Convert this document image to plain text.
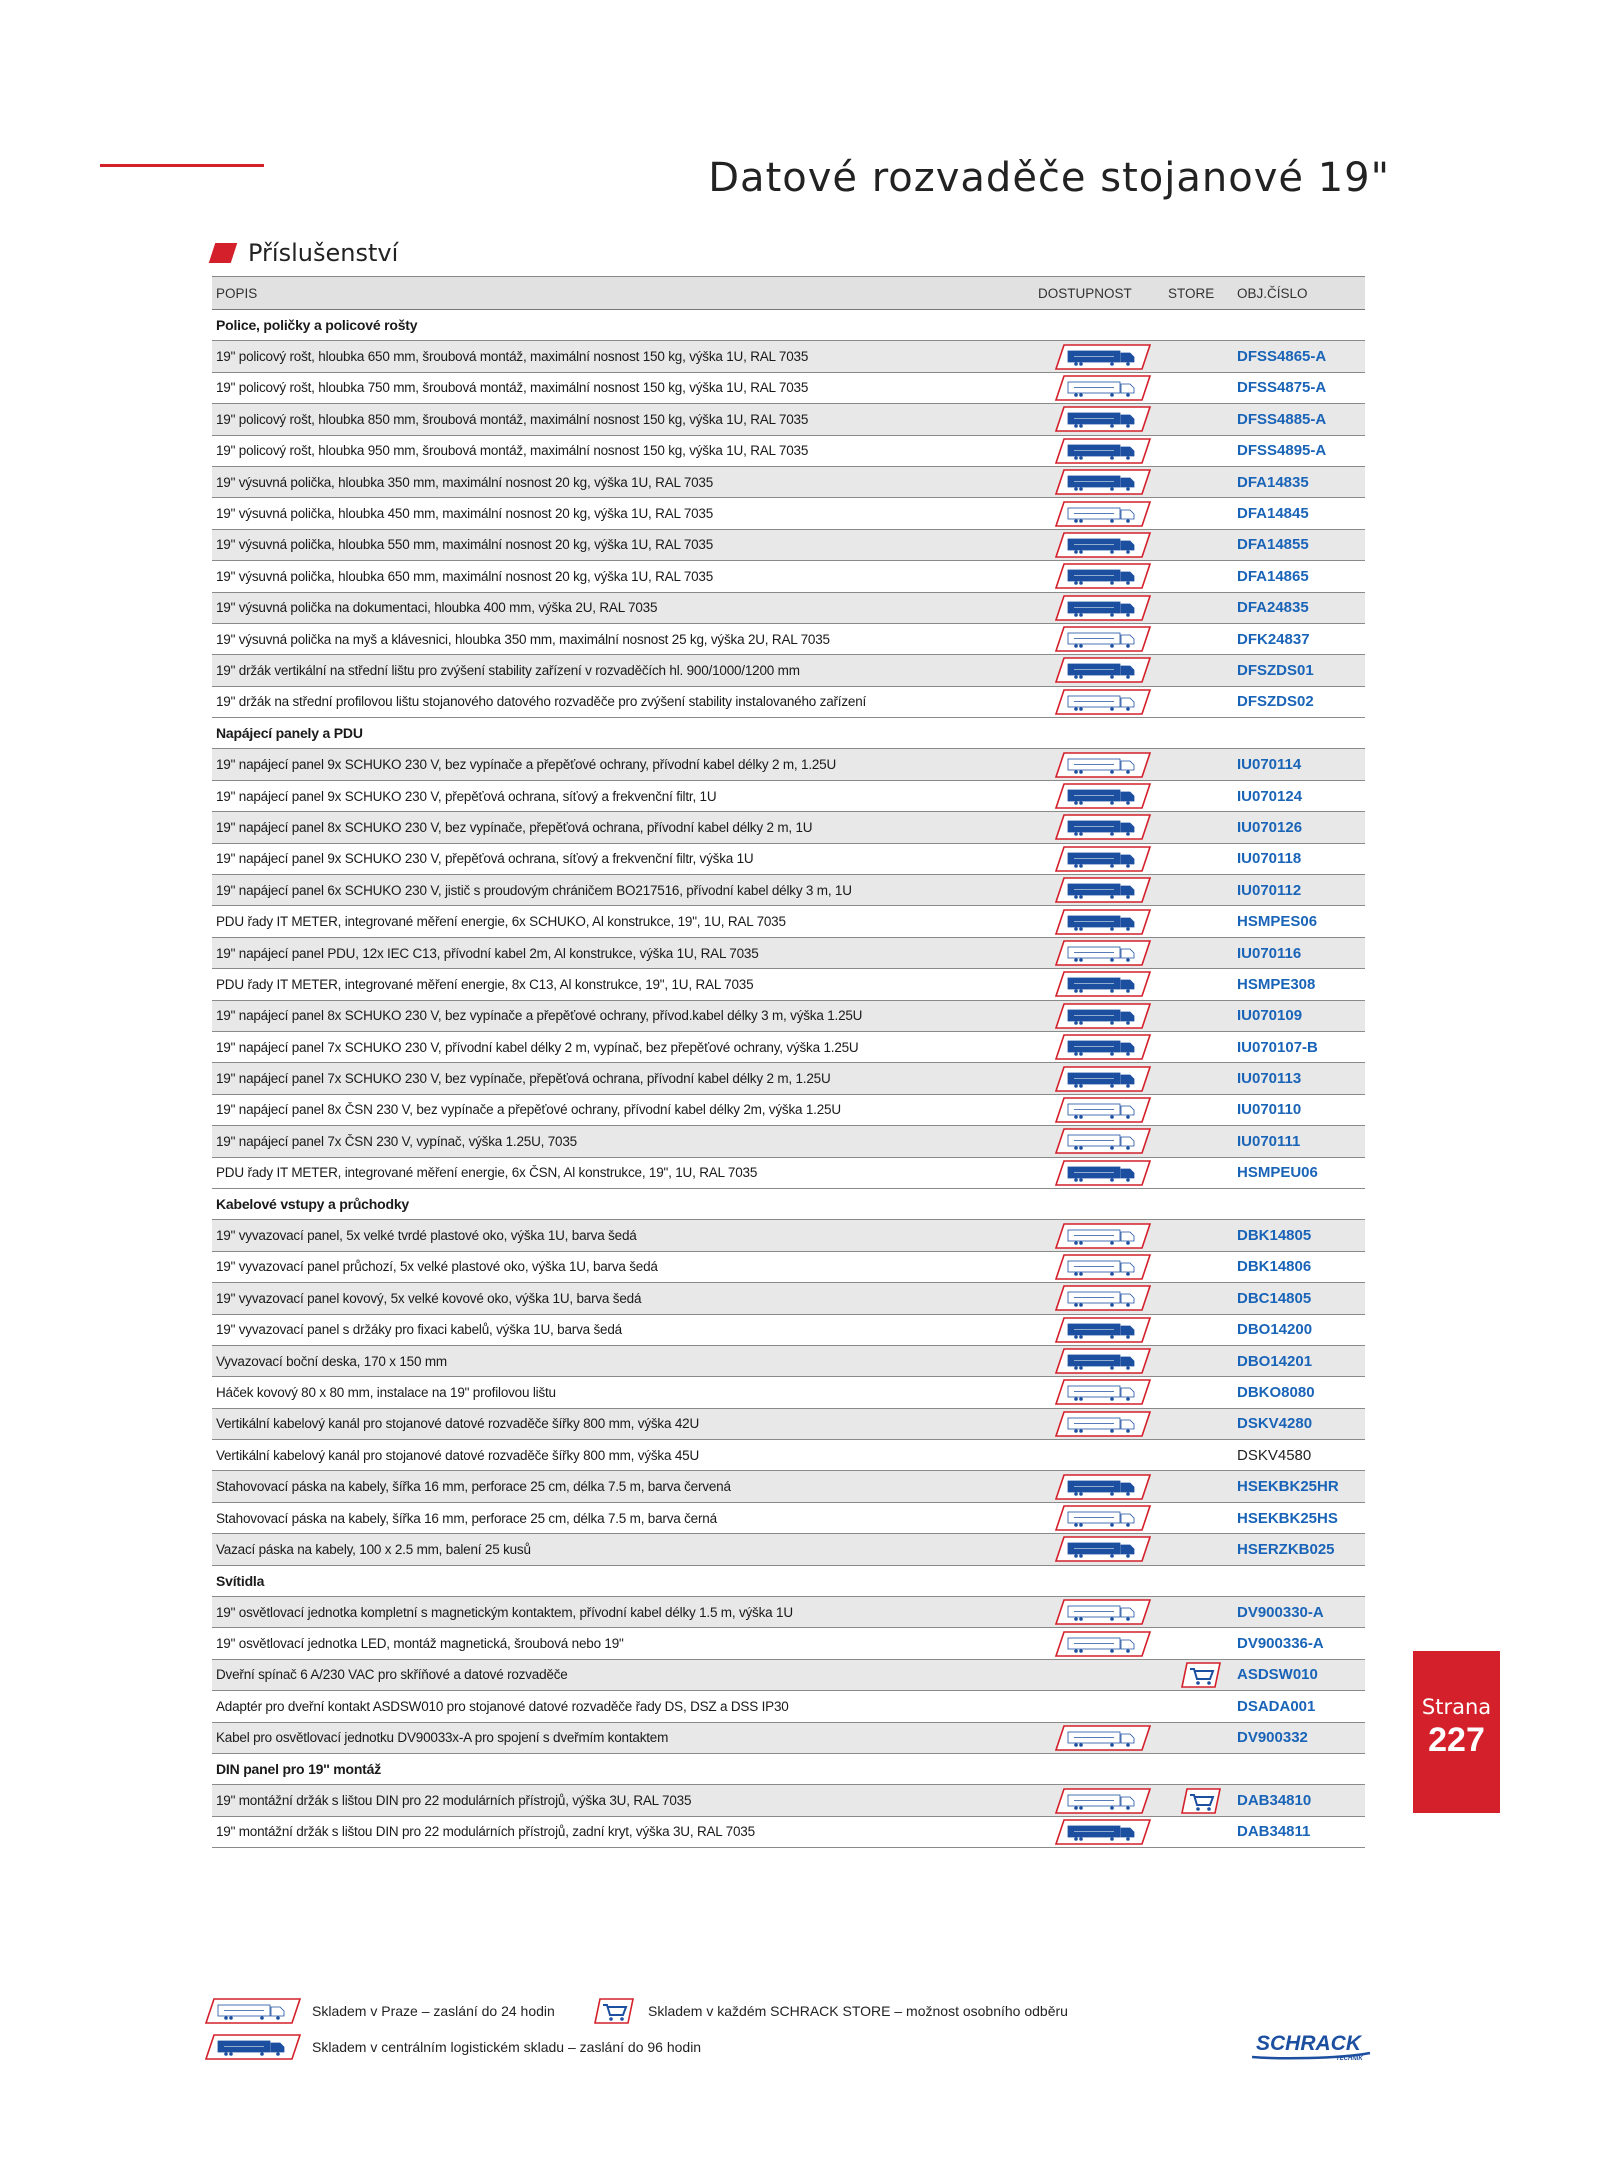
Datové rozvaděče stojanové 19"
Příslušenství
POPIS	DOSTUPNOST	STORE	OBJ.ČÍSLO
Police, poličky a policové rošty
19" policový rošt, hloubka 650 mm, šroubová montáž, maximální nosnost 150 kg, výška 1U, RAL 7035	DFSS4865-A
19" policový rošt, hloubka 750 mm, šroubová montáž, maximální nosnost 150 kg, výška 1U, RAL 7035	DFSS4875-A
19" policový rošt, hloubka 850 mm, šroubová montáž, maximální nosnost 150 kg, výška 1U, RAL 7035	DFSS4885-A
19" policový rošt, hloubka 950 mm, šroubová montáž, maximální nosnost 150 kg, výška 1U, RAL 7035	DFSS4895-A
19" výsuvná polička, hloubka 350 mm, maximální nosnost 20 kg, výška 1U, RAL 7035	DFA14835
19" výsuvná polička, hloubka 450 mm, maximální nosnost 20 kg, výška 1U, RAL 7035	DFA14845
19" výsuvná polička, hloubka 550 mm, maximální nosnost 20 kg, výška 1U, RAL 7035	DFA14855
19" výsuvná polička, hloubka 650 mm, maximální nosnost 20 kg, výška 1U, RAL 7035	DFA14865
19" výsuvná polička na dokumentaci, hloubka 400 mm, výška 2U, RAL 7035	DFA24835
19" výsuvná polička na myš a klávesnici, hloubka 350 mm, maximální nosnost 25 kg, výška 2U, RAL 7035	DFK24837
19" držák vertikální na střední lištu pro zvýšení stability zařízení v rozvaděčích hl. 900/1000/1200 mm	DFSZDS01
19" držák na střední profilovou lištu stojanového datového rozvaděče pro zvýšení stability instalovaného zařízení	DFSZDS02
Napájecí panely a PDU
19" napájecí panel 9x SCHUKO 230 V, bez vypínače a přepěťové ochrany, přívodní kabel délky 2 m, 1.25U	IU070114
19" napájecí panel 9x SCHUKO 230 V, přepěťová ochrana, síťový a frekvenční filtr, 1U	IU070124
19" napájecí panel 8x SCHUKO 230 V, bez vypínače, přepěťová ochrana, přívodní kabel délky 2 m, 1U	IU070126
19" napájecí panel 9x SCHUKO 230 V, přepěťová ochrana, síťový a frekvenční filtr, výška 1U	IU070118
19" napájecí panel 6x SCHUKO 230 V, jistič s proudovým chráničem BO217516, přívodní kabel délky 3 m, 1U	IU070112
PDU řady IT METER, integrované měření energie, 6x SCHUKO, Al konstrukce, 19", 1U, RAL 7035	HSMPES06
19" napájecí panel PDU, 12x IEC C13, přívodní kabel 2m, Al konstrukce, výška 1U, RAL 7035	IU070116
PDU řady IT METER, integrované měření energie, 8x C13, Al konstrukce, 19", 1U, RAL 7035	HSMPE308
19" napájecí panel 8x SCHUKO 230 V, bez vypínače a přepěťové ochrany, přívod.kabel délky 3 m, výška 1.25U	IU070109
19" napájecí panel 7x SCHUKO 230 V, přívodní kabel délky 2 m, vypínač, bez přepěťové ochrany, výška 1.25U	IU070107-B
19" napájecí panel 7x SCHUKO 230 V, bez vypínače, přepěťová ochrana, přívodní kabel délky 2 m, 1.25U	IU070113
19" napájecí panel 8x ČSN 230 V, bez vypínače a přepěťové ochrany, přívodní kabel délky 2m, výška 1.25U	IU070110
19" napájecí panel 7x ČSN 230 V, vypínač, výška 1.25U, 7035	IU070111
PDU řady IT METER, integrované měření energie, 6x ČSN, Al konstrukce, 19", 1U, RAL 7035	HSMPEU06
Kabelové vstupy a průchodky
19" vyvazovací panel, 5x velké tvrdé plastové oko, výška 1U, barva šedá	DBK14805
19" vyvazovací panel průchozí, 5x velké plastové oko, výška 1U, barva šedá	DBK14806
19" vyvazovací panel kovový, 5x velké kovové oko, výška 1U, barva šedá	DBC14805
19" vyvazovací panel s držáky pro fixaci kabelů, výška 1U, barva šedá	DBO14200
Vyvazovací boční deska, 170 x 150 mm	DBO14201
Háček kovový 80 x 80 mm, instalace na 19" profilovou lištu	DBKO8080
Vertikální kabelový kanál pro stojanové datové rozvaděče šířky 800 mm, výška 42U	DSKV4280
Vertikální kabelový kanál pro stojanové datové rozvaděče šířky 800 mm, výška 45U	DSKV4580
Stahovovací páska na kabely, šířka 16 mm, perforace 25 cm, délka 7.5 m, barva červená	HSEKBK25HR
Stahovovací páska na kabely, šířka 16 mm, perforace 25 cm, délka 7.5 m, barva černá	HSEKBK25HS
Vazací páska na kabely, 100 x 2.5 mm, balení 25 kusů	HSERZKB025
Svítidla
19" osvětlovací jednotka kompletní s magnetickým kontaktem, přívodní kabel délky 1.5 m, výška 1U	DV900330-A
19" osvětlovací jednotka LED, montáž magnetická, šroubová nebo 19"	DV900336-A
Dveřní spínač 6 A/230 VAC pro skříňové a datové rozvaděče	ASDSW010
Adaptér pro dveřní kontakt ASDSW010 pro stojanové datové rozvaděče řady DS, DSZ a DSS IP30	DSADA001
Kabel pro osvětlovací jednotku DV90033x-A pro spojení s dveřmím kontaktem	DV900332
DIN panel pro 19'' montáž
19" montážní držák s lištou DIN pro 22 modulárních přístrojů, výška 3U, RAL 7035	DAB34810
19" montážní držák s lištou DIN pro 22 modulárních přístrojů, zadní kryt, výška 3U, RAL 7035	DAB34811
Strana
227
Skladem v Praze – zaslání do 24 hodin	Skladem v každém SCHRACK STORE – možnost osobního odběru
Skladem v centrálním logistickém skladu – zaslání do 96 hodin	SCHRACK
TECHNIK
